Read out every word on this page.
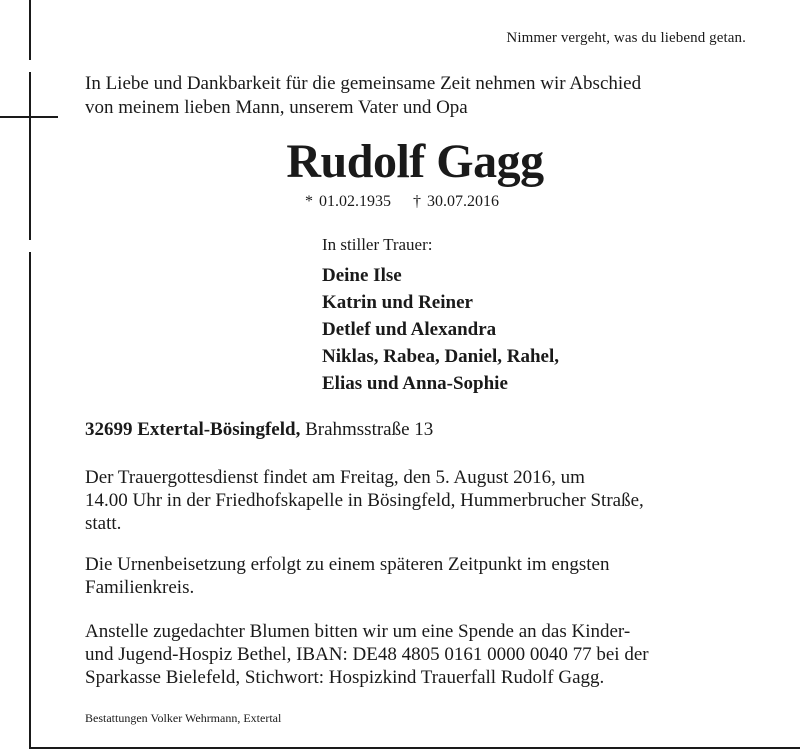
Nimmer vergeht, was du liebend getan.
In Liebe und Dankbarkeit für die gemeinsame Zeit nehmen wir Abschied
von meinem lieben Mann, unserem Vater und Opa
Rudolf Gagg
* 01.02.1935 † 30.07.2016
In stiller Trauer:
Deine Ilse
Katrin und Reiner
Detlef und Alexandra
Niklas, Rabea, Daniel, Rahel,
Elias und Anna-Sophie
32699 Extertal-Bösingfeld, Brahmsstraße 13
Der Trauergottesdienst findet am Freitag, den 5. August 2016, um
14.00 Uhr in der Friedhofskapelle in Bösingfeld, Hummerbrucher Straße,
statt.
Die Urnenbeisetzung erfolgt zu einem späteren Zeitpunkt im engsten
Familienkreis.
Anstelle zugedachter Blumen bitten wir um eine Spende an das Kinder-
und Jugend-Hospiz Bethel, IBAN: DE48 4805 0161 0000 0040 77 bei der
Sparkasse Bielefeld, Stichwort: Hospizkind Trauerfall Rudolf Gagg.
Bestattungen Volker Wehrmann, Extertal
